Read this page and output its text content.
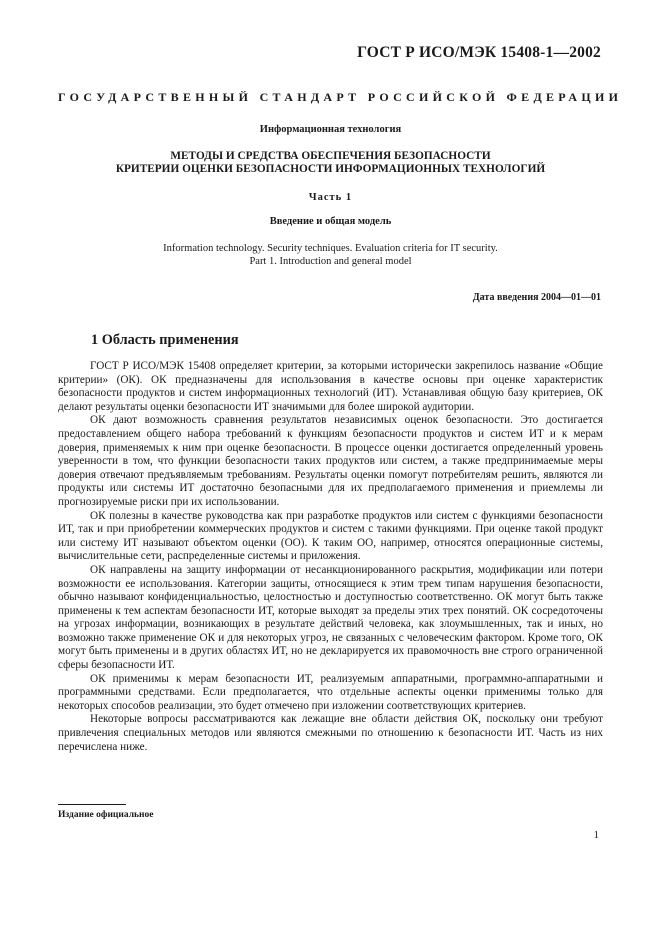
ГОСТ Р ИСО/МЭК 15408-1—2002
ГОСУДАРСТВЕННЫЙ СТАНДАРТ РОССИЙСКОЙ ФЕДЕРАЦИИ
Информационная технология
МЕТОДЫ И СРЕДСТВА ОБЕСПЕЧЕНИЯ БЕЗОПАСНОСТИ
КРИТЕРИИ ОЦЕНКИ БЕЗОПАСНОСТИ ИНФОРМАЦИОННЫХ ТЕХНОЛОГИЙ
Часть 1
Введение и общая модель
Information technology. Security techniques. Evaluation criteria for IT security.
Part 1. Introduction and general model
Дата введения 2004—01—01
1 Область применения

ГОСТ Р ИСО/МЭК 15408 определяет критерии, за которыми исторически закрепилось название «Общие критерии» (ОК). ОК предназначены для использования в качестве основы при оценке характеристик безопасности продуктов и систем информационных технологий (ИТ). Устанавливая общую базу критериев, ОК делают результаты оценки безопасности ИТ значимыми для более широкой аудитории.

ОК дают возможность сравнения результатов независимых оценок безопасности. Это достигается предоставлением общего набора требований к функциям безопасности продуктов и систем ИТ и к мерам доверия, применяемых к ним при оценке безопасности. В процессе оценки достигается определенный уровень уверенности в том, что функции безопасности таких продуктов или систем, а также предпринимаемые меры доверия отвечают предъявляемым требованиям. Результаты оценки помогут потребителям решить, являются ли продукты или системы ИТ достаточно безопасными для их предполагаемого применения и приемлемы ли прогнозируемые риски при их использовании.

ОК полезны в качестве руководства как при разработке продуктов или систем с функциями безопасности ИТ, так и при приобретении коммерческих продуктов и систем с такими функциями. При оценке такой продукт или систему ИТ называют объектом оценки (ОО). К таким ОО, например, относятся операционные системы, вычислительные сети, распределенные системы и приложения.

ОК направлены на защиту информации от несанкционированного раскрытия, модификации или потери возможности ее использования. Категории защиты, относящиеся к этим трем типам нарушения безопасности, обычно называют конфиденциальностью, целостностью и доступностью соответственно. ОК могут быть также применены к тем аспектам безопасности ИТ, которые выходят за пределы этих трех понятий. ОК сосредоточены на угрозах информации, возникающих в результате действий человека, как злоумышленных, так и иных, но возможно также применение ОК и для некоторых угроз, не связанных с человеческим фактором. Кроме того, ОК могут быть применены и в других областях ИТ, но не декларируется их правомочность вне строго ограниченной сферы безопасности ИТ.

ОК применимы к мерам безопасности ИТ, реализуемым аппаратными, программно-аппаратными и программными средствами. Если предполагается, что отдельные аспекты оценки применимы только для некоторых способов реализации, это будет отмечено при изложении соответствующих критериев.

Некоторые вопросы рассматриваются как лежащие вне области действия ОК, поскольку они требуют привлечения специальных методов или являются смежными по отношению к безопасности ИТ. Часть из них перечислена ниже.

Издание официальное
1
